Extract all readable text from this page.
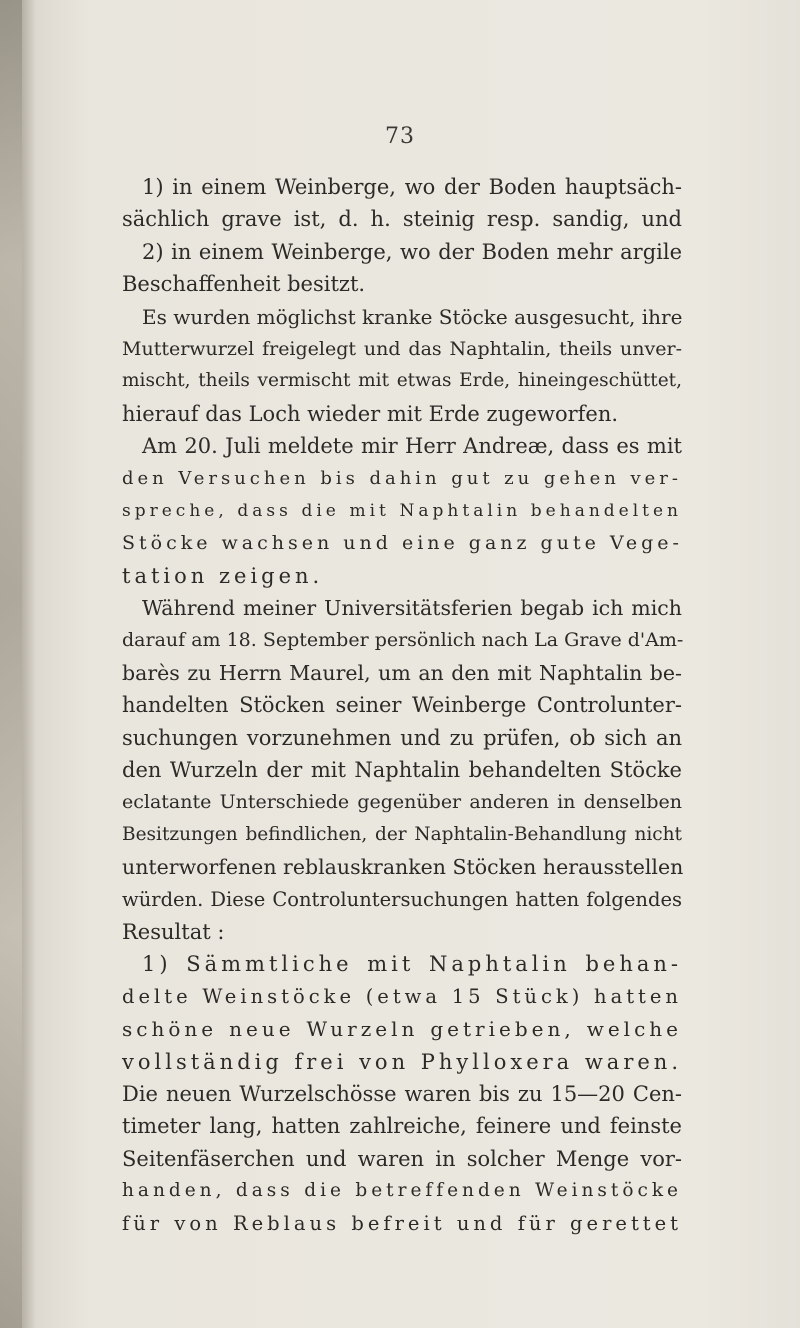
73
1) in einem Weinberge, wo der Boden hauptsäch-
sächlich grave ist, d. h. steinig resp. sandig, und
2) in einem Weinberge, wo der Boden mehr argile
Beschaffenheit besitzt.
Es wurden möglichst kranke Stöcke ausgesucht, ihre
Mutterwurzel freigelegt und das Naphtalin, theils unver-
mischt, theils vermischt mit etwas Erde, hineingeschüttet,
hierauf das Loch wieder mit Erde zugeworfen.
Am 20. Juli meldete mir Herr Andreæ, dass es mit
den Versuchen bis dahin gut zu gehen ver-
spreche, dass die mit Naphtalin behandelten
Stöcke wachsen und eine ganz gute Vege-
tation zeigen.
Während meiner Universitätsferien begab ich mich
darauf am 18. September persönlich nach La Grave d'Am-
barès zu Herrn Maurel, um an den mit Naphtalin be-
handelten Stöcken seiner Weinberge Controlunter-
suchungen vorzunehmen und zu prüfen, ob sich an
den Wurzeln der mit Naphtalin behandelten Stöcke
eclatante Unterschiede gegenüber anderen in denselben
Besitzungen befindlichen, der Naphtalin-Behandlung nicht
unterworfenen reblauskranken Stöcken herausstellen
würden. Diese Controluntersuchungen hatten folgendes
Resultat :
1) Sämmtliche mit Naphtalin behan-
delte Weinstöcke (etwa 15 Stück) hatten
schöne neue Wurzeln getrieben, welche
vollständig frei von Phylloxera waren.
Die neuen Wurzelschösse waren bis zu 15—20 Cen-
timeter lang, hatten zahlreiche, feinere und feinste
Seitenfäserchen und waren in solcher Menge vor-
handen, dass die betreffenden Weinstöcke
für von Reblaus befreit und für gerettet
